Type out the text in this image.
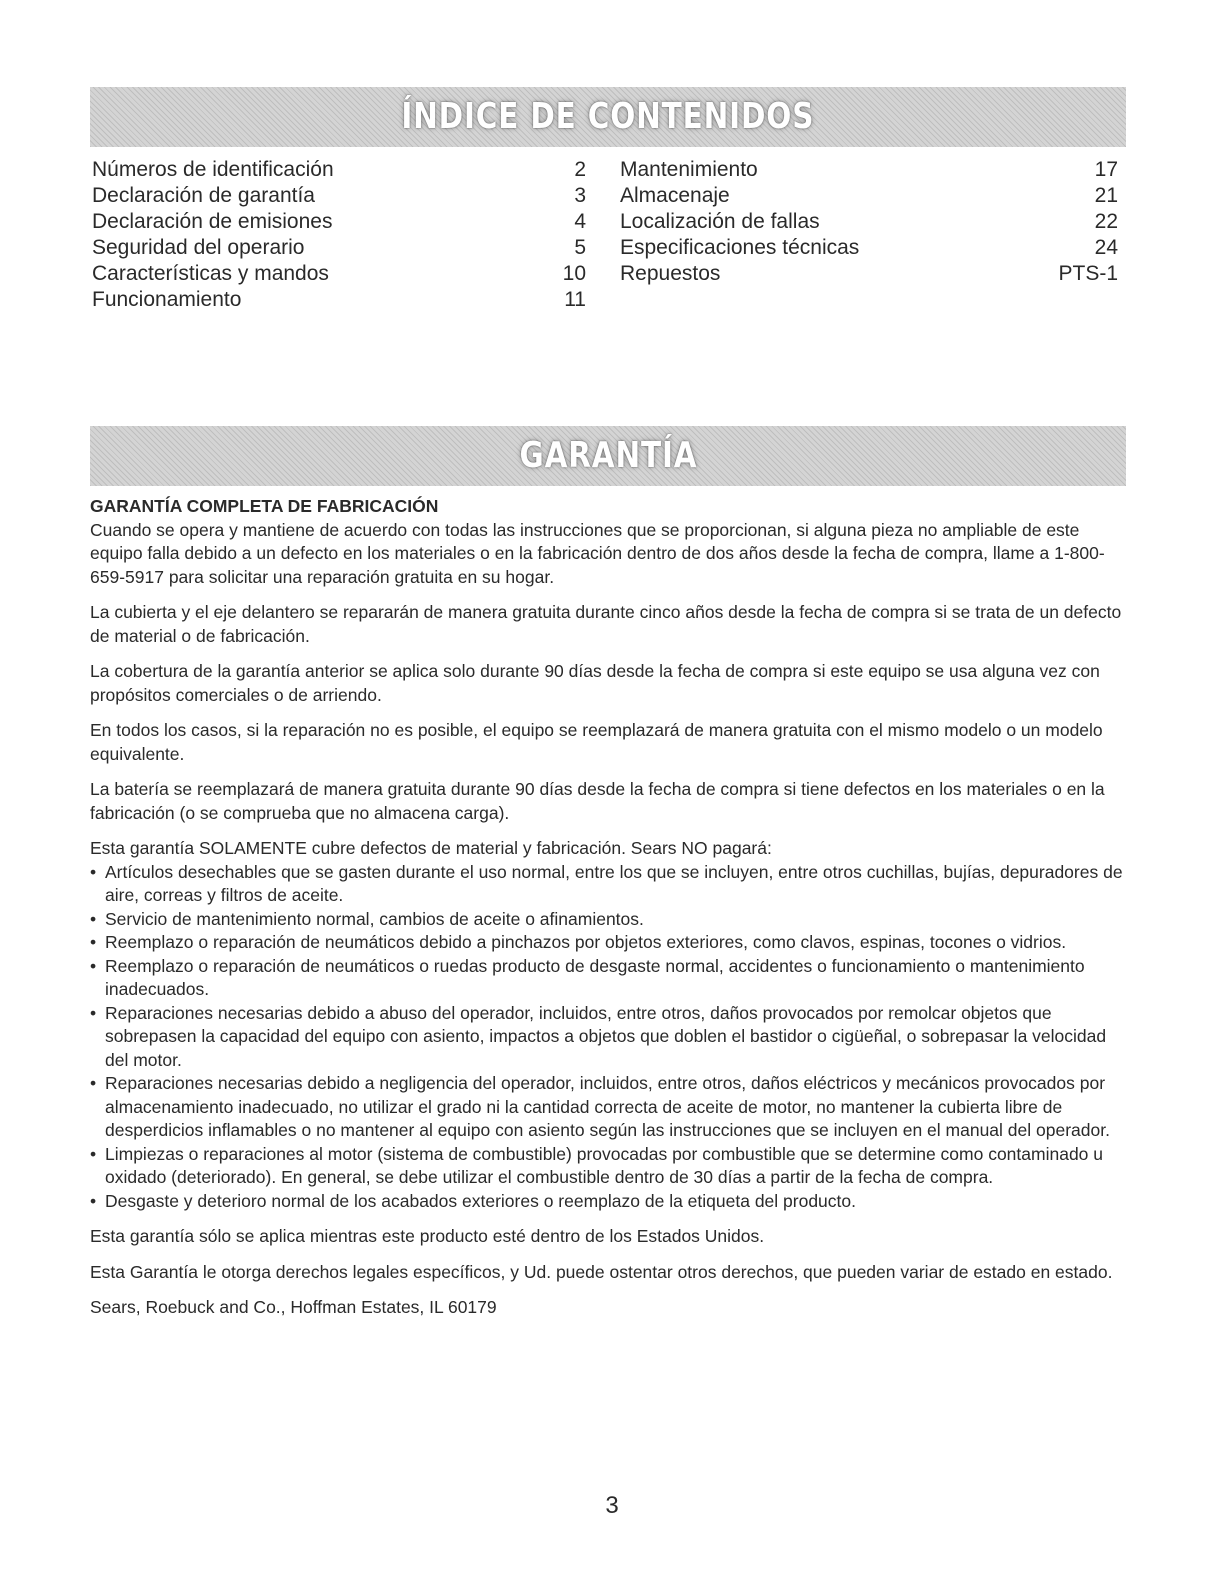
ÍNDICE DE CONTENIDOS
Números de identificación	2
Declaración de garantía	3
Declaración de emisiones	4
Seguridad del operario	5
Características y mandos	10
Funcionamiento	11
Mantenimiento	17
Almacenaje	21
Localización de fallas	22
Especificaciones técnicas	24
Repuestos	PTS-1
GARANTÍA

GARANTÍA COMPLETA DE FABRICACIÓN

Cuando se opera y mantiene de acuerdo con todas las instrucciones que se proporcionan, si alguna pieza no ampliable de este equipo falla debido a un defecto en los materiales o en la fabricación dentro de dos años desde la fecha de compra, llame a 1-800-659-5917 para solicitar una reparación gratuita en su hogar.

La cubierta y el eje delantero se repararán de manera gratuita durante cinco años desde la fecha de compra si se trata de un defecto de material o de fabricación.

La cobertura de la garantía anterior se aplica solo durante 90 días desde la fecha de compra si este equipo se usa alguna vez con propósitos comerciales o de arriendo.

En todos los casos, si la reparación no es posible, el equipo se reemplazará de manera gratuita con el mismo modelo o un modelo equivalente.

La batería se reemplazará de manera gratuita durante 90 días desde la fecha de compra si tiene defectos en los materiales o en la fabricación (o se comprueba que no almacena carga).

Esta garantía SOLAMENTE cubre defectos de material y fabricación. Sears NO pagará:

• Artículos desechables que se gasten durante el uso normal, entre los que se incluyen, entre otros cuchillas, bujías, depuradores de aire, correas y filtros de aceite.
• Servicio de mantenimiento normal, cambios de aceite o afinamientos.
• Reemplazo o reparación de neumáticos debido a pinchazos por objetos exteriores, como clavos, espinas, tocones o vidrios.
• Reemplazo o reparación de neumáticos o ruedas producto de desgaste normal, accidentes o funcionamiento o mantenimiento inadecuados.
• Reparaciones necesarias debido a abuso del operador, incluidos, entre otros, daños provocados por remolcar objetos que sobrepasen la capacidad del equipo con asiento, impactos a objetos que doblen el bastidor o cigüeñal, o sobrepasar la velocidad del motor.
• Reparaciones necesarias debido a negligencia del operador, incluidos, entre otros, daños eléctricos y mecánicos provocados por almacenamiento inadecuado, no utilizar el grado ni la cantidad correcta de aceite de motor, no mantener la cubierta libre de desperdicios inflamables o no mantener al equipo con asiento según las instrucciones que se incluyen en el manual del operador.
• Limpiezas o reparaciones al motor (sistema de combustible) provocadas por combustible que se determine como contaminado u oxidado (deteriorado). En general, se debe utilizar el combustible dentro de 30 días a partir de la fecha de compra.
• Desgaste y deterioro normal de los acabados exteriores o reemplazo de la etiqueta del producto.

Esta garantía sólo se aplica mientras este producto esté dentro de los Estados Unidos.

Esta Garantía le otorga derechos legales específicos, y Ud. puede ostentar otros derechos, que pueden variar de estado en estado.

Sears, Roebuck and Co., Hoffman Estates, IL 60179

3
